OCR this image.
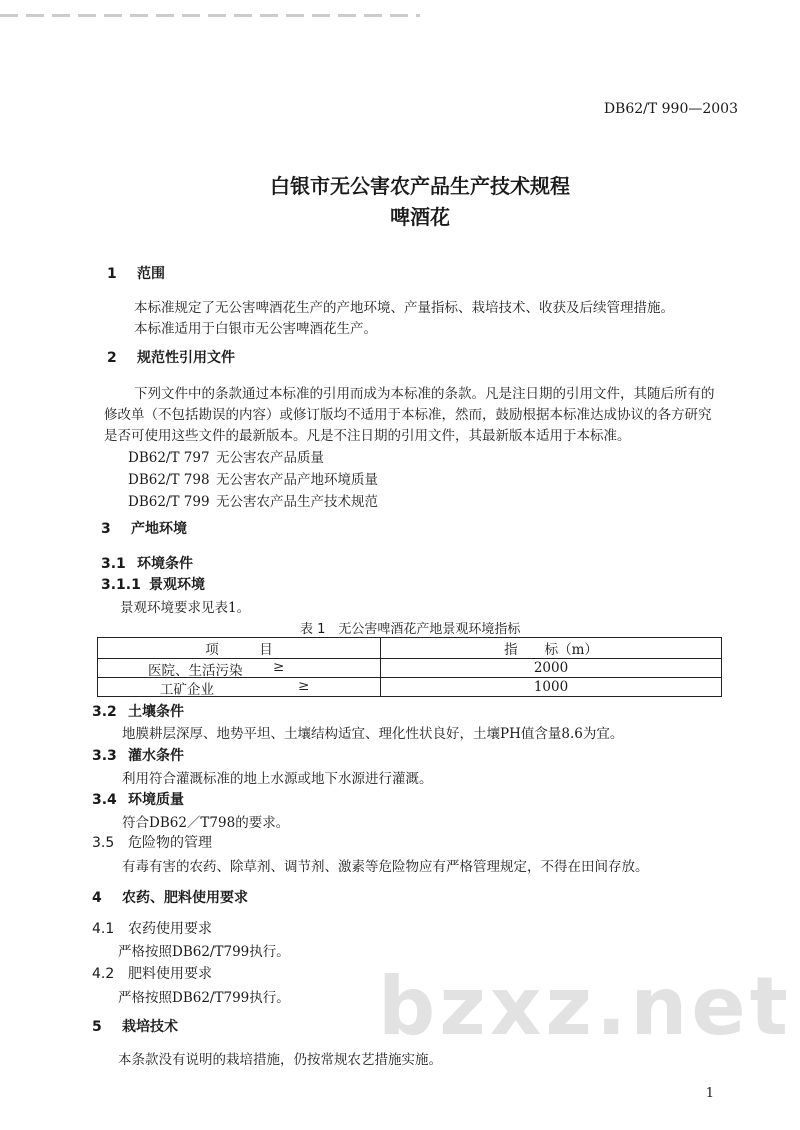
DB62/T 990—2003
白银市无公害农产品生产技术规程
啤酒花
1 范围
本标准规定了无公害啤酒花生产的产地环境、产量指标、栽培技术、收获及后续管理措施。
本标准适用于白银市无公害啤酒花生产。
2 规范性引用文件
下列文件中的条款通过本标准的引用而成为本标准的条款。凡是注日期的引用文件，其随后所有的
修改单（不包括勘误的内容）或修订版均不适用于本标准，然而，鼓励根据本标准达成协议的各方研究
是否可使用这些文件的最新版本。凡是不注日期的引用文件，其最新版本适用于本标准。
DB62/T 797 无公害农产品质量
DB62/T 798 无公害农产品产地环境质量
DB62/T 799 无公害农产品生产技术规范
3 产地环境
3.1 环境条件
3.1.1 景观环境
景观环境要求见表1。
表 1　无公害啤酒花产地景观环境指标
项　　　目	指　　标（m）

医院、生活污染 ≥	2000

工矿企业 ≥	1000
3.2 土壤条件
地膜耕层深厚、地势平坦、土壤结构适宜、理化性状良好，土壤PH值含量8.6为宜。
3.3 灌水条件
利用符合灌溉标准的地上水源或地下水源进行灌溉。
3.4 环境质量
符合DB62／T798的要求。
3.5 危险物的管理
有毒有害的农药、除草剂、调节剂、激素等危险物应有严格管理规定，不得在田间存放。
4 农药、肥料使用要求
4.1 农药使用要求
严格按照DB62/T799执行。
4.2 肥料使用要求
严格按照DB62/T799执行。
5 栽培技术
本条款没有说明的栽培措施，仍按常规农艺措施实施。
bzxz.net
1
